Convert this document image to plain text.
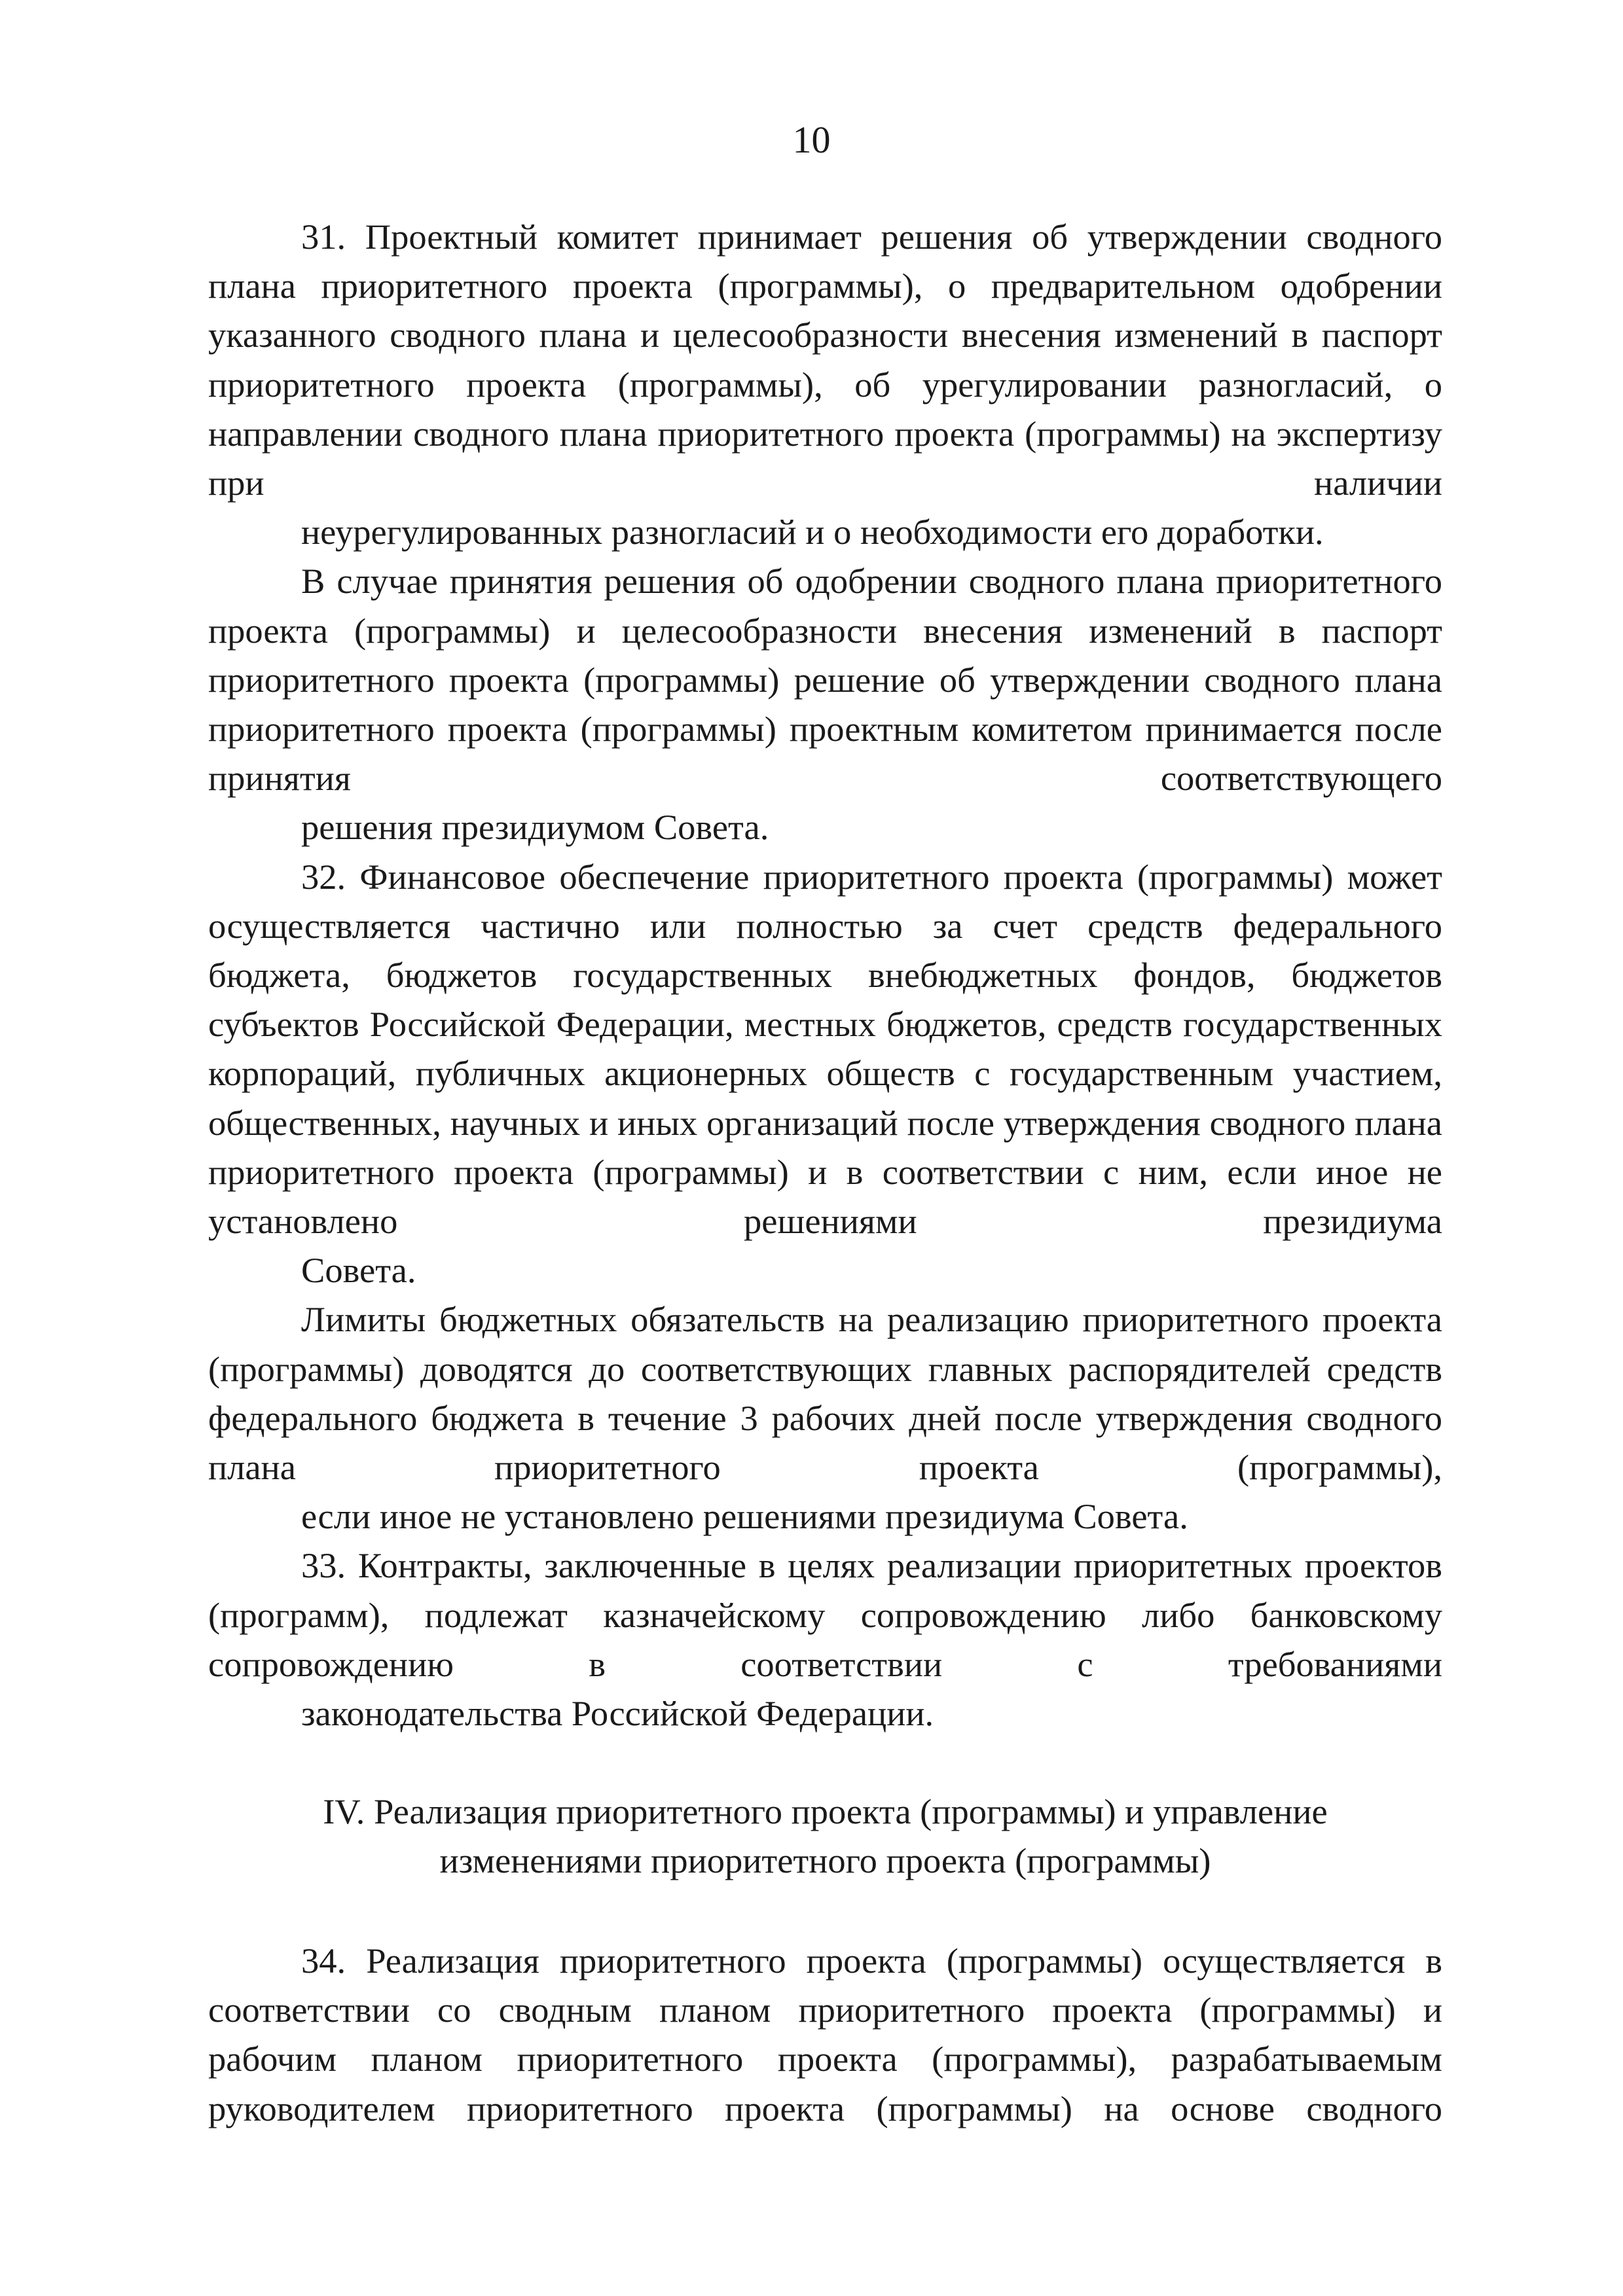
10

31. Проектный комитет принимает решения об утверждении сводного плана приоритетного проекта (программы), о предварительном одобрении указанного сводного плана и целесообразности внесения изменений в паспорт приоритетного проекта (программы), об урегулировании разногласий, о направлении сводного плана приоритетного проекта (программы) на экспертизу при наличии
неурегулированных разногласий и о необходимости его доработки.

В случае принятия решения об одобрении сводного плана приоритетного проекта (программы) и целесообразности внесения изменений в паспорт приоритетного проекта (программы) решение об утверждении сводного плана приоритетного проекта (программы) проектным комитетом принимается после принятия соответствующего
решения президиумом Совета.

32. Финансовое обеспечение приоритетного проекта (программы) может осуществляется частично или полностью за счет средств федерального бюджета, бюджетов государственных внебюджетных фондов, бюджетов субъектов Российской Федерации, местных бюджетов, средств государственных корпораций, публичных акционерных обществ с государственным участием, общественных, научных и иных организаций после утверждения сводного плана приоритетного проекта (программы) и в соответствии с ним, если иное не установлено решениями президиума
Совета.

Лимиты бюджетных обязательств на реализацию приоритетного проекта (программы) доводятся до соответствующих главных распорядителей средств федерального бюджета в течение 3 рабочих дней после утверждения сводного плана приоритетного проекта (программы),
если иное не установлено решениями президиума Совета.

33. Контракты, заключенные в целях реализации приоритетных проектов (программ), подлежат казначейскому сопровождению либо банковскому сопровождению в соответствии с требованиями
законодательства Российской Федерации.

IV. Реализация приоритетного проекта (программы) и управление
изменениями приоритетного проекта (программы)

34. Реализация приоритетного проекта (программы) осуществляется в соответствии со сводным планом приоритетного проекта (программы) и рабочим планом приоритетного проекта (программы), разрабатываемым руководителем приоритетного проекта (программы) на основе сводного
